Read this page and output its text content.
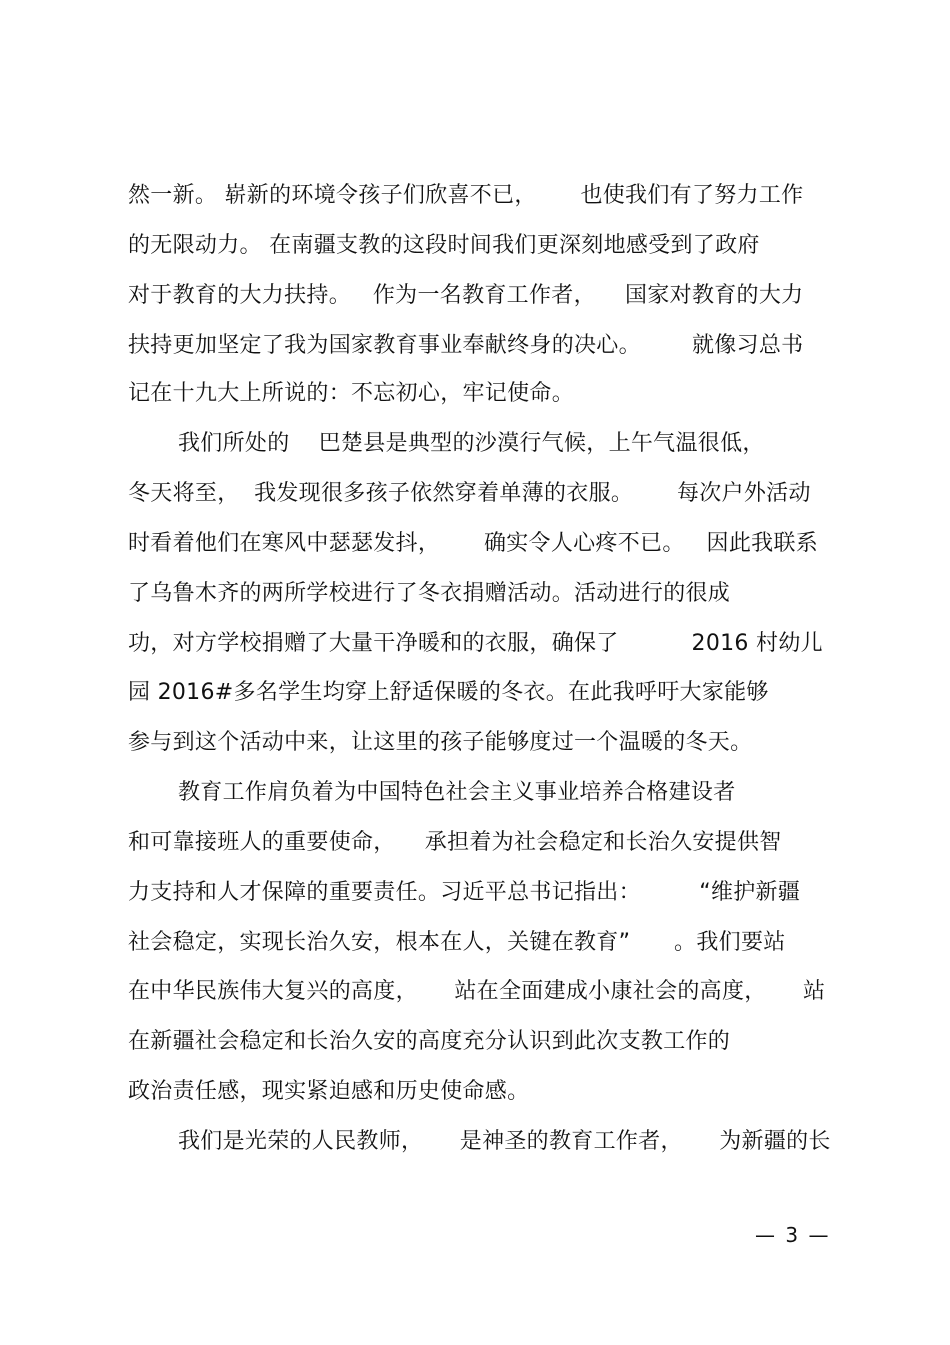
然一新。 崭新的环境令孩子们欣喜不已，      也使我们有了努力工作
的无限动力。 在南疆支教的这段时间我们更深刻地感受到了政府
对于教育的大力扶持。   作为一名教育工作者，    国家对教育的大力
扶持更加坚定了我为国家教育事业奉献终身的决心。       就像习总书
记在十九大上所说的：不忘初心，牢记使命。
我们所处的    巴楚县是典型的沙漠行气候，上午气温很低，
冬天将至，  我发现很多孩子依然穿着单薄的衣服。      每次户外活动
时看着他们在寒风中瑟瑟发抖，      确实令人心疼不已。   因此我联系
了乌鲁木齐的两所学校进行了冬衣捐赠活动。活动进行的很成
功，对方学校捐赠了大量干净暖和的衣服，确保了          2016 村幼儿
园 2016#多名学生均穿上舒适保暖的冬衣。在此我呼吁大家能够
参与到这个活动中来，让这里的孩子能够度过一个温暖的冬天。
教育工作肩负着为中国特色社会主义事业培养合格建设者
和可靠接班人的重要使命，    承担着为社会稳定和长治久安提供智
力支持和人才保障的重要责任。习近平总书记指出：        “维护新疆
社会稳定，实现长治久安，根本在人，关键在教育”      。我们要站
在中华民族伟大复兴的高度，     站在全面建成小康社会的高度，     站
在新疆社会稳定和长治久安的高度充分认识到此次支教工作的
政治责任感，现实紧迫感和历史使命感。
我们是光荣的人民教师，     是神圣的教育工作者，     为新疆的长
— 3 —
